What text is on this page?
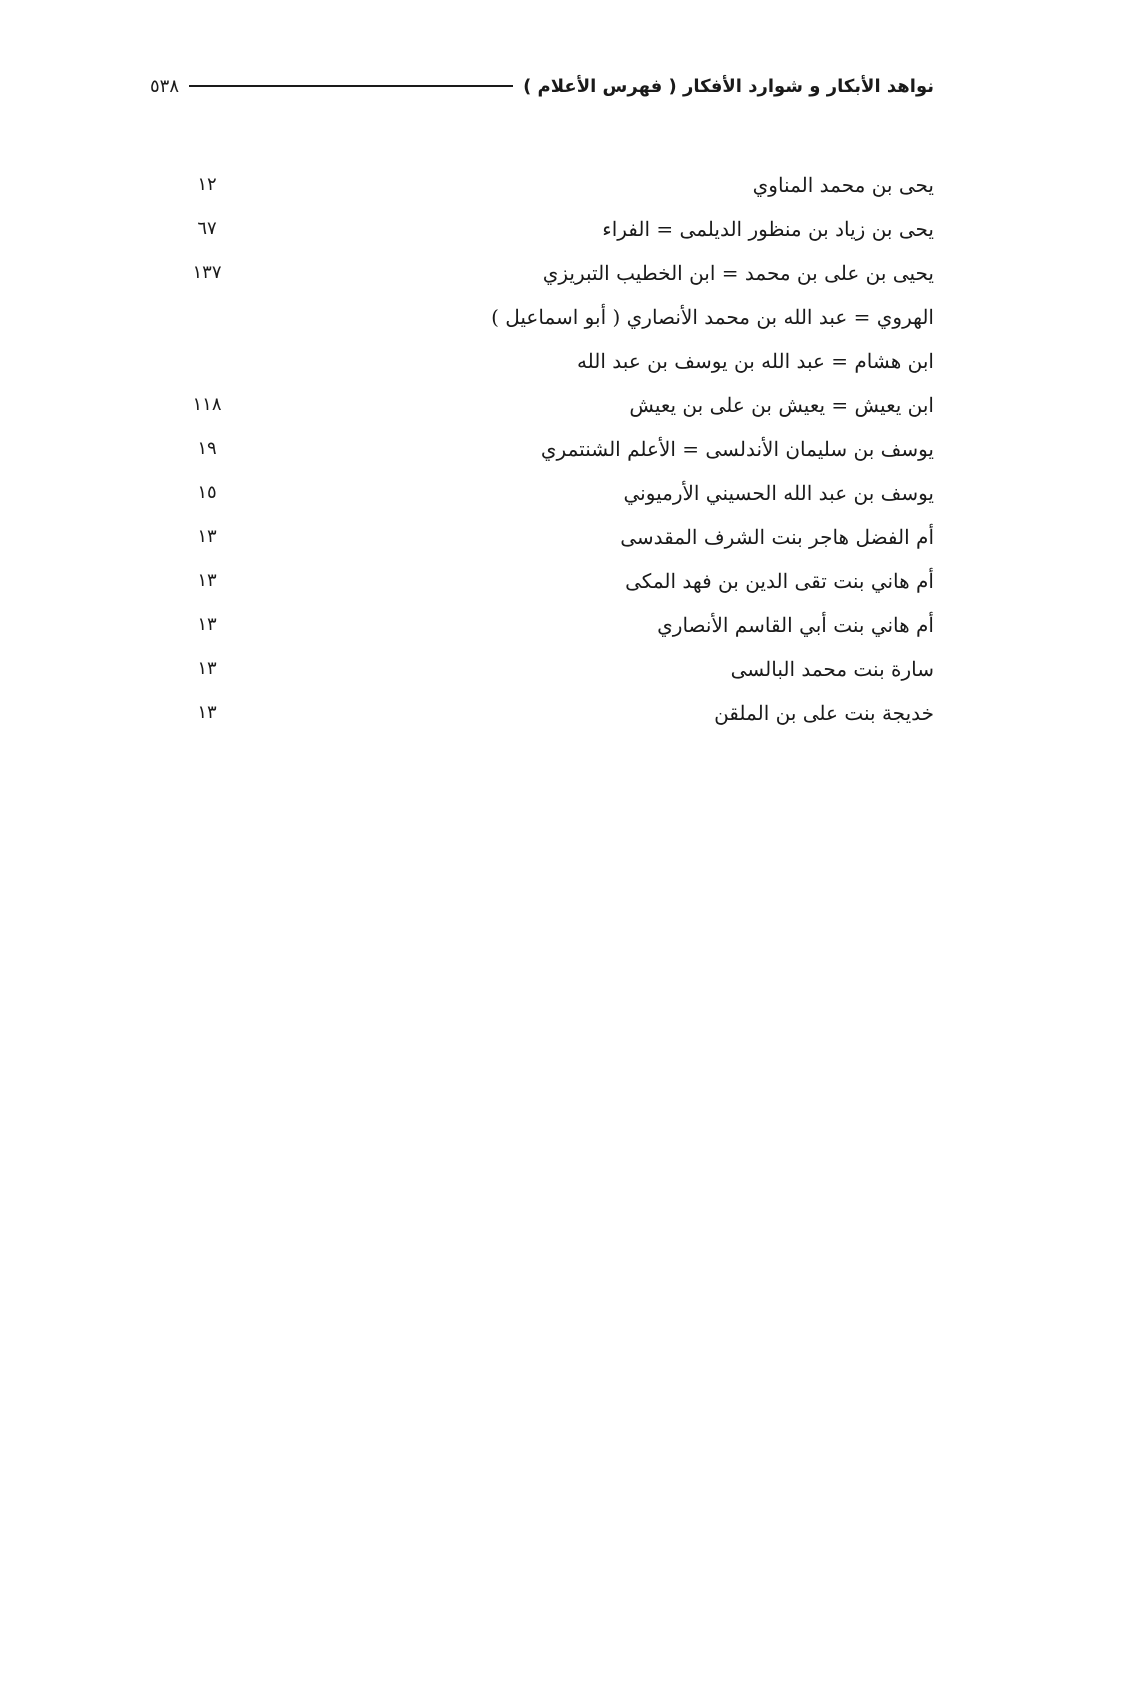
نواهد الأبكار و شوارد الأفكار ( فهرس الأعلام )
٥٣٨
يحى بن محمد المناوي
١٢
يحى بن زياد بن منظور الديلمى = الفراء
٦٧
يحيى بن على بن محمد = ابن الخطيب التبريزي
١٣٧
الهروي = عبد الله بن محمد الأنصاري ( أبو اسماعيل )
ابن هشام = عبد الله بن يوسف بن عبد الله
ابن يعيش = يعيش بن على بن يعيش
١١٨
يوسف بن سليمان الأندلسى = الأعلم الشنتمري
١٩
يوسف بن عبد الله الحسيني الأرميوني
١٥
أم الفضل هاجر بنت الشرف المقدسى
١٣
أم هاني بنت تقى الدين بن فهد المكى
١٣
أم هاني بنت أبي القاسم الأنصاري
١٣
سارة بنت محمد البالسى
١٣
خديجة بنت على بن الملقن
١٣
